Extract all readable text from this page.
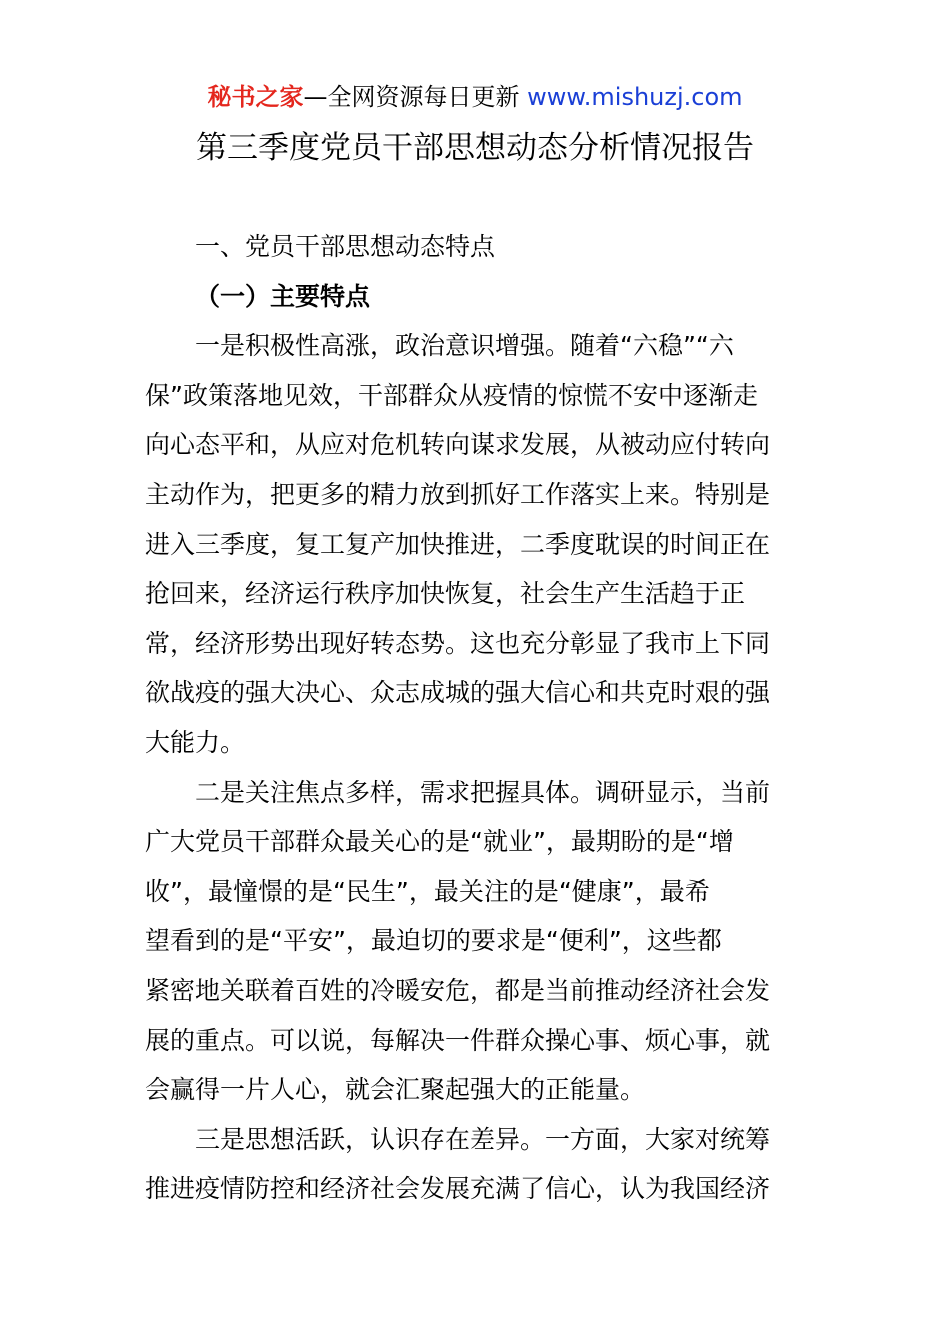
秘书之家—全网资源每日更新 www.mishuzj.com
第三季度党员干部思想动态分析情况报告
一、党员干部思想动态特点
（一）主要特点
一是积极性高涨，政治意识增强。随着“六稳”“六
保”政策落地见效，干部群众从疫情的惊慌不安中逐渐走
向心态平和，从应对危机转向谋求发展，从被动应付转向
主动作为，把更多的精力放到抓好工作落实上来。特别是
进入三季度，复工复产加快推进，二季度耽误的时间正在
抢回来，经济运行秩序加快恢复，社会生产生活趋于正
常，经济形势出现好转态势。这也充分彰显了我市上下同
欲战疫的强大决心、众志成城的强大信心和共克时艰的强
大能力。
二是关注焦点多样，需求把握具体。调研显示，当前
广大党员干部群众最关心的是“就业”，最期盼的是“增
收”，最憧憬的是“民生”，最关注的是“健康”，最希
望看到的是“平安”，最迫切的要求是“便利”，这些都
紧密地关联着百姓的冷暖安危，都是当前推动经济社会发
展的重点。可以说，每解决一件群众操心事、烦心事，就
会赢得一片人心，就会汇聚起强大的正能量。
三是思想活跃，认识存在差异。一方面，大家对统筹
推进疫情防控和经济社会发展充满了信心，认为我国经济
